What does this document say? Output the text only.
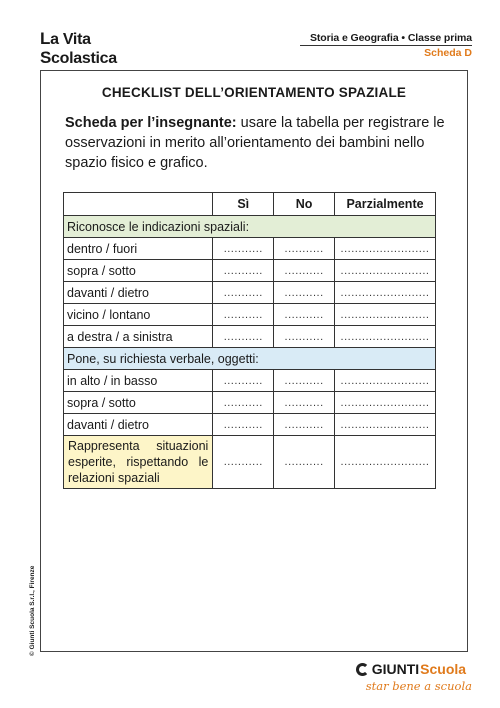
L a Vita
S colastica
Storia e Geografia • Classe prima
Scheda D
CHECKLIST DELL’ORIENTAMENTO SPAZIALE
Scheda per l’insegnante: usare la tabella per registrare le osservazioni in merito all’orientamento dei bambini nello spazio fisico e grafico.
	Sì	No	Parzialmente
Riconosce le indicazioni spaziali:			
dentro / fuori	...........	...........	.........................
sopra / sotto	...........	...........	.........................
davanti / dietro	...........	...........	.........................
vicino / lontano	...........	...........	.........................
a destra / a sinistra	...........	...........	.........................
Pone, su richiesta verbale, oggetti:			
in alto / in basso	...........	...........	.........................
sopra / sotto	...........	...........	.........................
davanti / dietro	...........	...........	.........................
Rappresenta situazioni esperite, rispettando le relazioni spaziali	...........	...........	.........................
© Giunti Scuola S.r.l., Firenze
GIUNTI Scuola
star bene a scuola
